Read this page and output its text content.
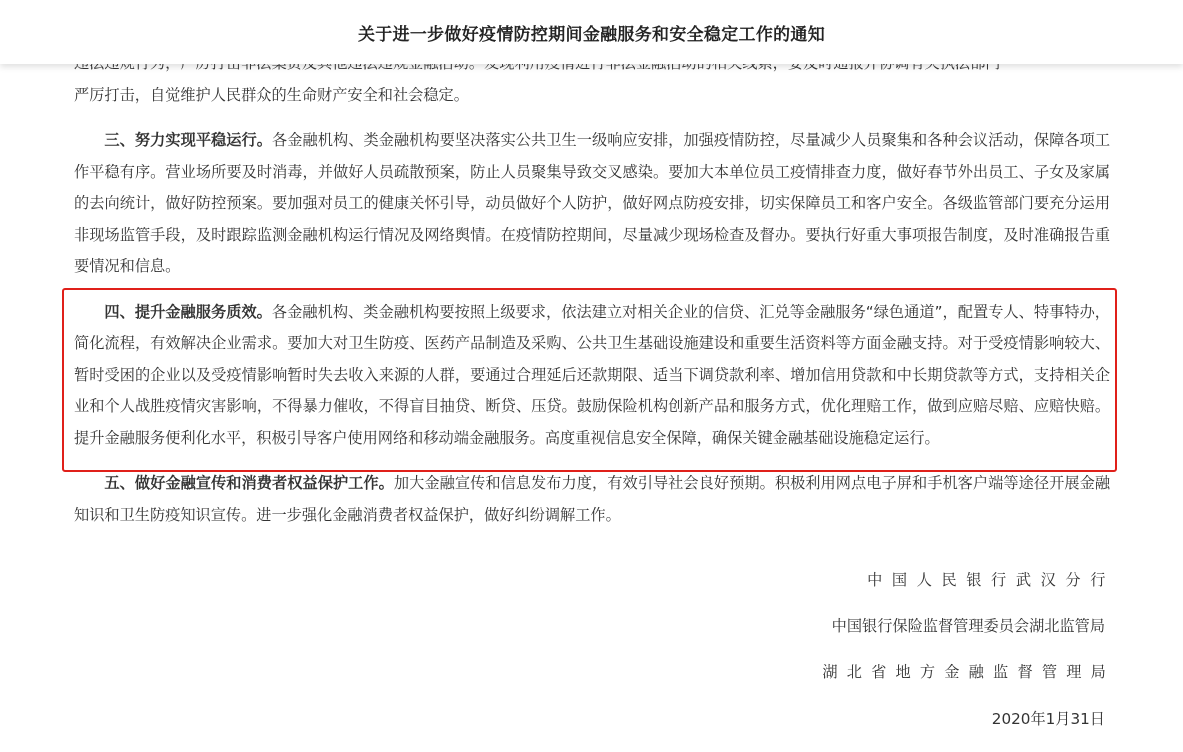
关于进一步做好疫情防控期间金融服务和安全稳定工作的通知

严厉打击，自觉维护人民群众的生命财产安全和社会稳定。

三、努力实现平稳运行。各金融机构、类金融机构要坚决落实公共卫生一级响应安排，加强疫情防控，尽量减少人员聚集和各种会议活动，保障各项工作平稳有序。营业场所要及时消毒，并做好人员疏散预案，防止人员聚集导致交叉感染。要加大本单位员工疫情排查力度，做好春节外出员工、子女及家属的去向统计，做好防控预案。要加强对员工的健康关怀引导，动员做好个人防护，做好网点防疫安排，切实保障员工和客户安全。各级监管部门要充分运用非现场监管手段，及时跟踪监测金融机构运行情况及网络舆情。在疫情防控期间，尽量减少现场检查及督办。要执行好重大事项报告制度，及时准确报告重要情况和信息。

四、提升金融服务质效。各金融机构、类金融机构要按照上级要求，依法建立对相关企业的信贷、汇兑等金融服务“绿色通道”，配置专人、特事特办，简化流程，有效解决企业需求。要加大对卫生防疫、医药产品制造及采购、公共卫生基础设施建设和重要生活资料等方面金融支持。对于受疫情影响较大、暂时受困的企业以及受疫情影响暂时失去收入来源的人群，要通过合理延后还款期限、适当下调贷款利率、增加信用贷款和中长期贷款等方式，支持相关企业和个人战胜疫情灾害影响，不得暴力催收，不得盲目抽贷、断贷、压贷。鼓励保险机构创新产品和服务方式，优化理赔工作，做到应赔尽赔、应赔快赔。提升金融服务便利化水平，积极引导客户使用网络和移动端金融服务。高度重视信息安全保障，确保关键金融基础设施稳定运行。

五、做好金融宣传和消费者权益保护工作。加大金融宣传和信息发布力度，有效引导社会良好预期。积极利用网点电子屏和手机客户端等途径开展金融知识和卫生防疫知识宣传。进一步强化金融消费者权益保护，做好纠纷调解工作。

中国人民银行武汉分行
中国银行保险监督管理委员会湖北监管局
湖北省地方金融监督管理局
2020年1月31日
